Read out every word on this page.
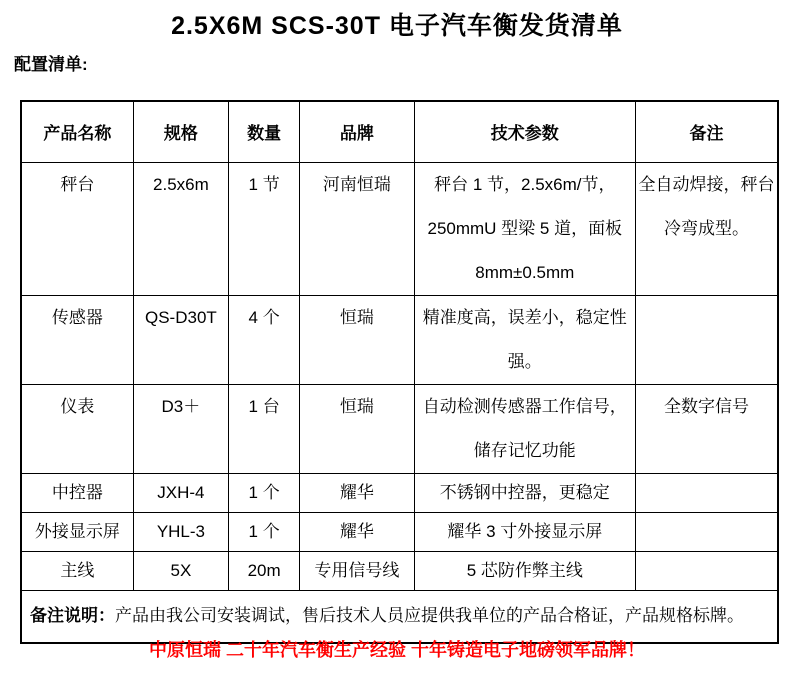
2.5X6M SCS-30T 电子汽车衡发货清单
配置清单:
产品名称	规格	数量	品牌	技术参数	备注
秤台	2.5x6m	1 节	河南恒瑞	秤台 1 节，2.5x6m/节，250mmU 型梁 5 道，面板 8mm±0.5mm	全自动焊接，秤台冷弯成型。
传感器	QS-D30T	4 个	恒瑞	精准度高，误差小，稳定性强。	
仪表	D3＋	1 台	恒瑞	自动检测传感器工作信号，储存记忆功能	全数字信号
中控器	JXH-4	1 个	耀华	不锈钢中控器，更稳定	
外接显示屏	YHL-3	1 个	耀华	耀华 3 寸外接显示屏	
主线	5X	20m	专用信号线	5 芯防作弊主线	
备注说明：产品由我公司安装调试，售后技术人员应提供我单位的产品合格证，产品规格标牌。					
中原恒瑞 二十年汽车衡生产经验 十年铸造电子地磅领军品牌！
